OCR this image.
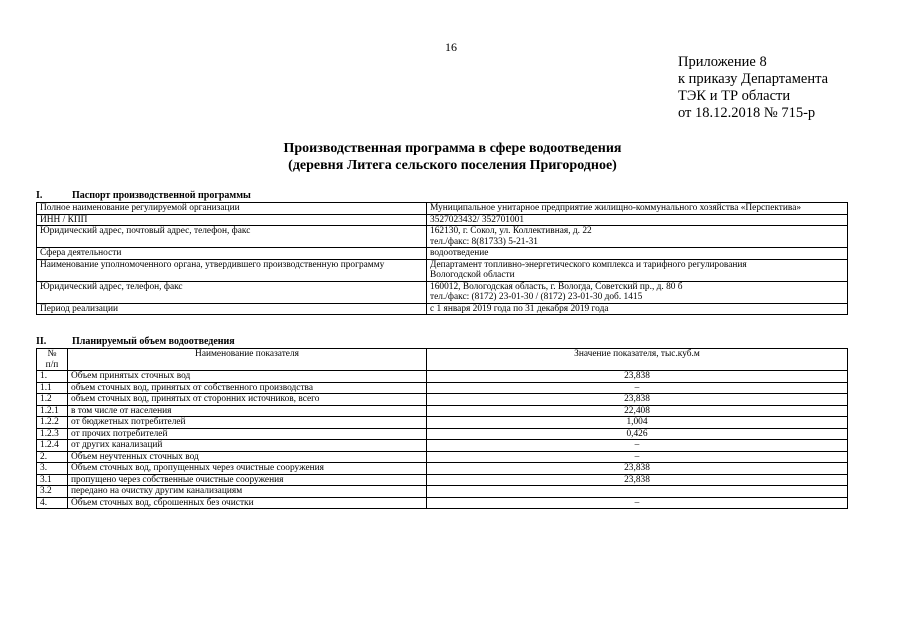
16
Приложение 8
к приказу Департамента
ТЭК и ТР области
от 18.12.2018 № 715-р
Производственная программа в сфере водоотведения
(деревня Литега сельского поселения Пригородное)
I.	Паспорт производственной программы
Полное наименование регулируемой организации	Муниципальное унитарное предприятие жилищно-коммунального хозяйства «Перспектива»

ИНН / КПП	3527023432/ 352701001

Юридический адрес, почтовый адрес, телефон, факс	162130, г. Сокол, ул. Коллективная, д. 22
тел./факс: 8(81733) 5-21-31

Сфера деятельности	водоотведение

Наименование уполномоченного органа, утвердившего производственную программу	Департамент топливно-энергетического комплекса и тарифного регулирования
Вологодской области

Юридический адрес, телефон, факс	160012, Вологодская область, г. Вологда, Советский пр., д. 80 б
тел./факс: (8172) 23-01-30 / (8172) 23-01-30 доб. 1415

Период реализации	с 1 января 2019 года по 31 декабря 2019 года
II.	Планируемый объем водоотведения
№
п/п	Наименование показателя	Значение показателя, тыс.куб.м
1.	Объем принятых сточных вод	23,838
1.1	объем сточных вод, принятых от собственного производства	–
1.2	объем сточных вод, принятых от сторонних источников, всего	23,838
1.2.1	в том числе от населения	22,408
1.2.2	от бюджетных потребителей	1,004
1.2.3	от прочих потребителей	0,426
1.2.4	от других канализаций	–
2.	Объем неучтенных сточных вод	–
3.	Объем сточных вод, пропущенных через очистные сооружения	23,838
3.1	пропущено через собственные очистные сооружения	23,838
3.2	передано на очистку другим канализациям	
4.	Объем сточных вод, сброшенных без очистки	–
